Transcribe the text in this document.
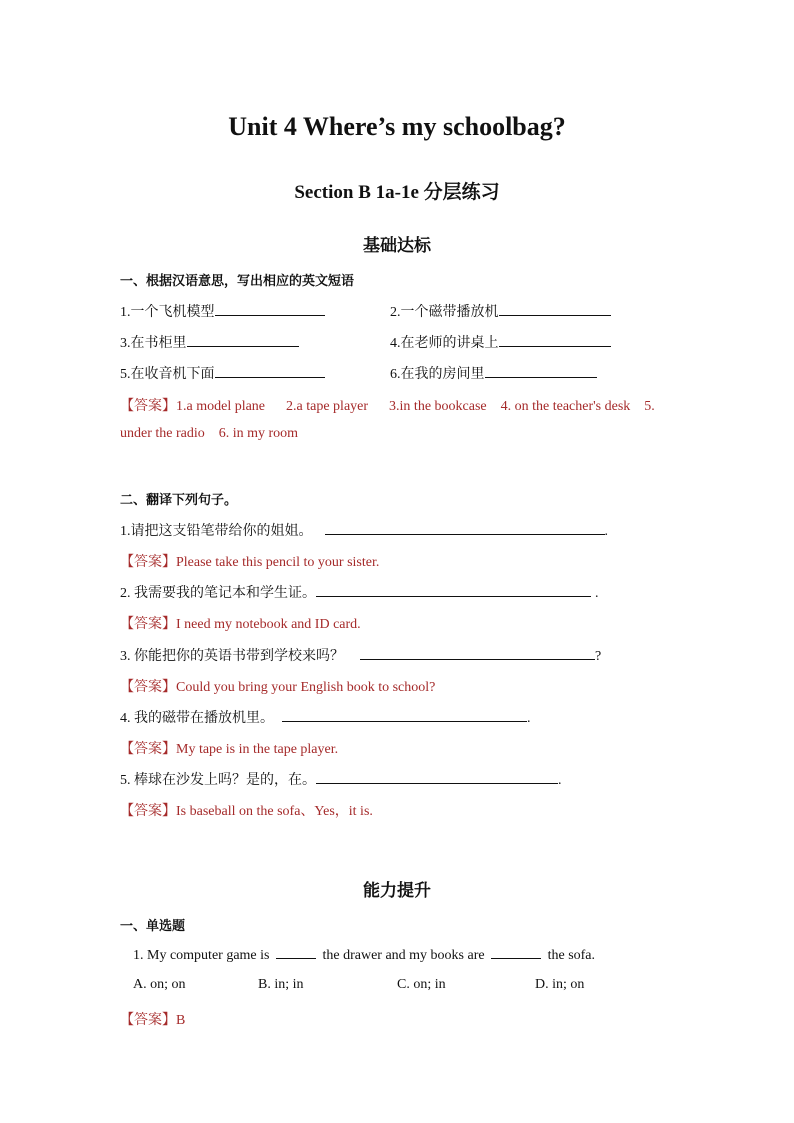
Unit 4 Where’s my schoolbag?
Section B 1a-1e 分层练习
基础达标
一、根据汉语意思，写出相应的英文短语
1.一个飞机模型	2.一个磁带播放机
3.在书柜里	4.在老师的讲桌上
5.在收音机下面	6.在我的房间里
【答案】1.a model plane      2.a tape player      3.in the bookcase    4. on the teacher's desk    5.
under the radio    6. in my room
二、翻译下列句子。
1.请把这支铅笔带给你的姐姐。	.
【答案】Please take this pencil to your sister.
2. 我需要我的笔记本和学生证。	.
【答案】I need my notebook and ID card.
3. 你能把你的英语书带到学校来吗？	?
【答案】Could you bring your English book to school?
4. 我的磁带在播放机里。	.
【答案】My tape is in the tape player.
5. 棒球在沙发上吗？是的，在。	.
【答案】Is baseball on the sofa、Yes，it is.
能力提升
一、单选题
1. My computer game is	the drawer and my books are	the sofa.
A. on; on	B. in; in	C. on; in	D. in; on
【答案】B
